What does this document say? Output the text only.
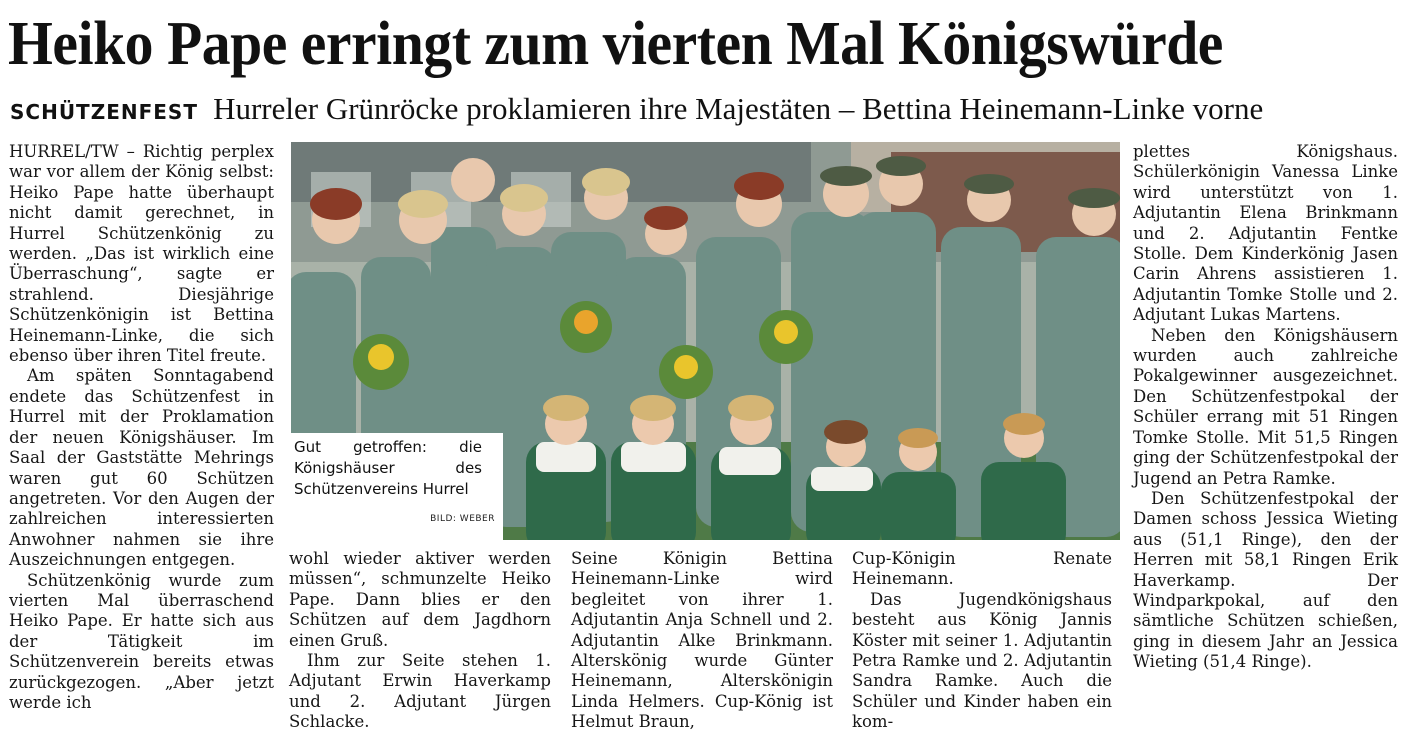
Heiko Pape erringt zum vierten Mal Königswürde
SCHÜTZENFEST Hurreler Grünröcke proklamieren ihre Majestäten – Bettina Heinemann-Linke vorne

HURREL/TW – Richtig perplex war vor allem der König selbst: Heiko Pape hatte überhaupt nicht damit gerechnet, in Hurrel Schützenkönig zu werden. „Das ist wirklich eine Überraschung“, sagte er strahlend. Diesjährige Schützenkönigin ist Bettina Heinemann-Linke, die sich ebenso über ihren Titel freute.

Am späten Sonntagabend endete das Schützenfest in Hurrel mit der Proklamation der neuen Königshäuser. Im Saal der Gaststätte Mehrings waren gut 60 Schützen angetreten. Vor den Augen der zahlreichen interessierten Anwohner nahmen sie ihre Auszeichnungen entgegen.

Schützenkönig wurde zum vierten Mal überraschend Heiko Pape. Er hatte sich aus der Tätigkeit im Schützenverein bereits etwas zurückgezogen. „Aber jetzt werde ich

Gut getroffen: die Königshäuser des Schützenvereins Hurrel
BILD: WEBER

wohl wieder aktiver werden müssen“, schmunzelte Heiko Pape. Dann blies er den Schützen auf dem Jagdhorn einen Gruß.

Ihm zur Seite stehen 1. Adjutant Erwin Haverkamp und 2. Adjutant Jürgen Schlacke.

Seine Königin Bettina Heinemann-Linke wird begleitet von ihrer 1. Adjutantin Anja Schnell und 2. Adjutantin Alke Brinkmann. Alterskönig wurde Günter Heinemann, Alterskönigin Linda Helmers. Cup-König ist Helmut Braun,

Cup-Königin Renate Heinemann.

Das Jugendkönigshaus besteht aus König Jannis Köster mit seiner 1. Adjutantin Petra Ramke und 2. Adjutantin Sandra Ramke. Auch die Schüler und Kinder haben ein kom-

plettes Königshaus. Schülerkönigin Vanessa Linke wird unterstützt von 1. Adjutantin Elena Brinkmann und 2. Adjutantin Fentke Stolle. Dem Kinderkönig Jasen Carin Ahrens assistieren 1. Adjutantin Tomke Stolle und 2. Adjutant Lukas Martens.

Neben den Königshäusern wurden auch zahlreiche Pokalgewinner ausgezeichnet. Den Schützenfestpokal der Schüler errang mit 51 Ringen Tomke Stolle. Mit 51,5 Ringen ging der Schützenfestpokal der Jugend an Petra Ramke.

Den Schützenfestpokal der Damen schoss Jessica Wieting aus (51,1 Ringe), den der Herren mit 58,1 Ringen Erik Haverkamp. Der Windparkpokal, auf den sämtliche Schützen schießen, ging in diesem Jahr an Jessica Wieting (51,4 Ringe).
